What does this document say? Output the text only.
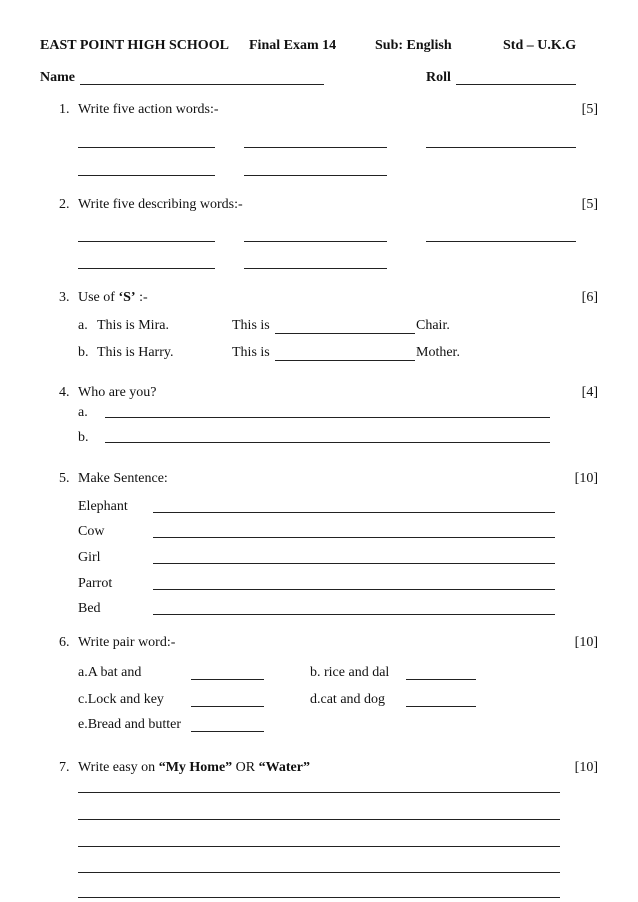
EAST POINT HIGH SCHOOL Final Exam 14	Sub: English	Std – U.K.G
Name	Roll
1. Write five action words:-	[5]
2. Write five describing words:-	[5]
3. Use of ‘S’ :-	[6]
a. This is Mira.	This is	Chair.
b. This is Harry.	This is	Mother.
4. Who are you?	[4]
a.
b.
5. Make Sentence:	[10]
Elephant
Cow
Girl
Parrot
Bed
6. Write pair word:-	[10]
a.A bat and	b. rice and dal
c.Lock and key	d.cat and dog
e.Bread and butter
7. Write easy on “My Home” OR “Water”	[10]
